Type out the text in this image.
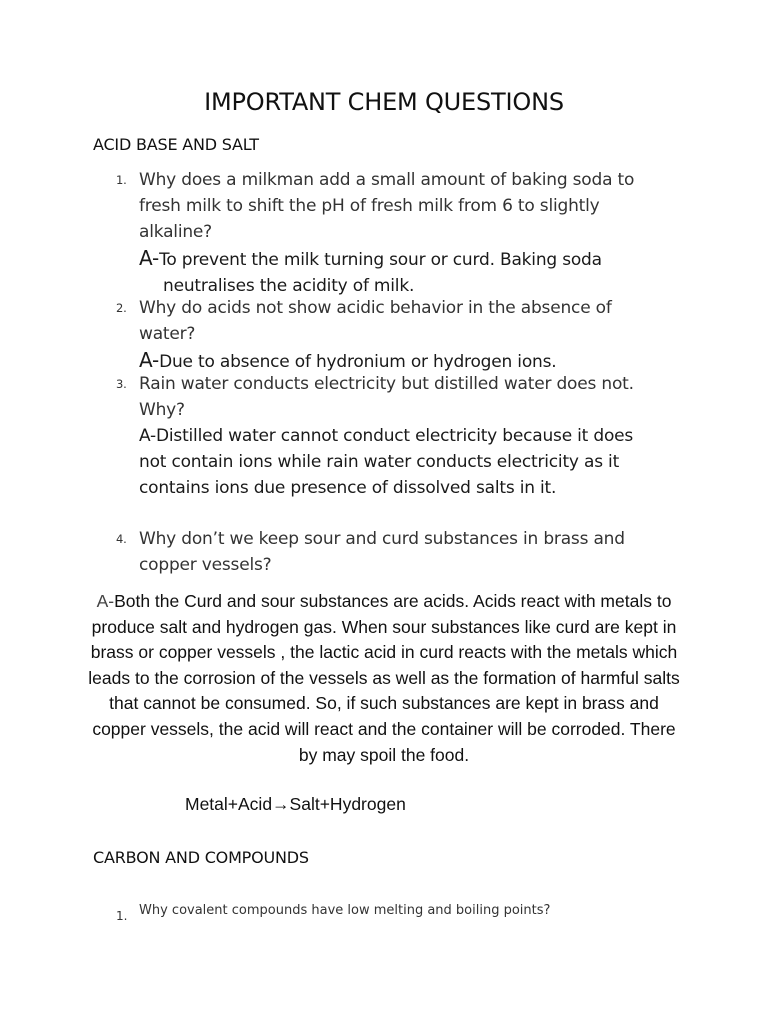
IMPORTANT CHEM QUESTIONS
ACID BASE AND SALT
1. Why does a milkman add a small amount of baking soda to fresh milk to shift the pH of fresh milk from 6 to slightly alkaline?
A-To prevent the milk turning sour or curd. Baking soda neutralises the acidity of milk.
2. Why do acids not show acidic behavior in the absence of water?
A-Due to absence of hydronium or hydrogen ions.
3. Rain water conducts electricity but distilled water does not. Why?
A-Distilled water cannot conduct electricity because it does not contain ions while rain water conducts electricity as it contains ions due presence of dissolved salts in it.
4. Why don’t we keep sour and curd substances in brass and copper vessels?
A-Both the Curd and sour substances are acids. Acids react with metals to produce salt and hydrogen gas. When sour substances like curd are kept in brass or copper vessels , the lactic acid in curd reacts with the metals which leads to the corrosion of the vessels as well as the formation of harmful salts that cannot be consumed. So, if such substances are kept in brass and copper vessels, the acid will react and the container will be corroded. There by may spoil the food.
Metal+Acid→Salt+Hydrogen
CARBON AND COMPOUNDS
1. Why covalent compounds have low melting and boiling points?
